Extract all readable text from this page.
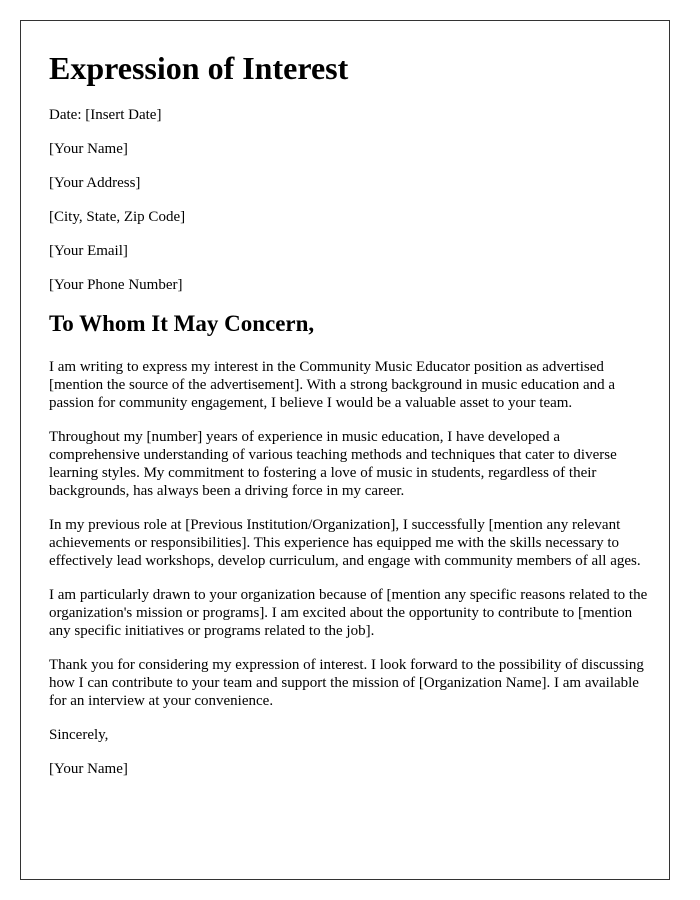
Expression of Interest
Date: [Insert Date]
[Your Name]
[Your Address]
[City, State, Zip Code]
[Your Email]
[Your Phone Number]
To Whom It May Concern,

I am writing to express my interest in the Community Music Educator position as advertised [mention the source of the advertisement]. With a strong background in music education and a passion for community engagement, I believe I would be a valuable asset to your team.

Throughout my [number] years of experience in music education, I have developed a comprehensive understanding of various teaching methods and techniques that cater to diverse learning styles. My commitment to fostering a love of music in students, regardless of their backgrounds, has always been a driving force in my career.

In my previous role at [Previous Institution/Organization], I successfully [mention any relevant achievements or responsibilities]. This experience has equipped me with the skills necessary to effectively lead workshops, develop curriculum, and engage with community members of all ages.

I am particularly drawn to your organization because of [mention any specific reasons related to the organization's mission or programs]. I am excited about the opportunity to contribute to [mention any specific initiatives or programs related to the job].

Thank you for considering my expression of interest. I look forward to the possibility of discussing how I can contribute to your team and support the mission of [Organization Name]. I am available for an interview at your convenience.

Sincerely,

[Your Name]
